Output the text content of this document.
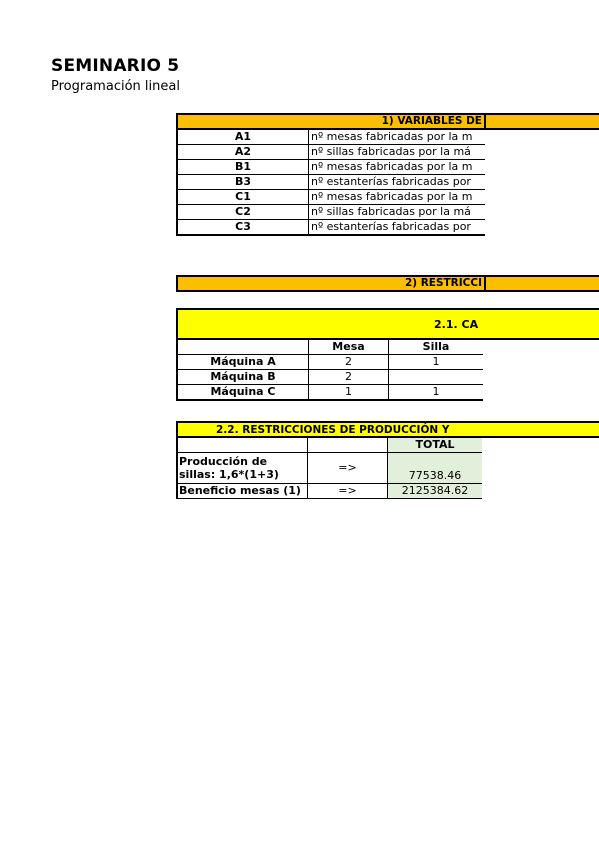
SEMINARIO 5
Programación lineal
1) VARIABLES DE
A1	nº mesas fabricadas por la m
A2	nº sillas fabricadas por la má
B1	nº mesas fabricadas por la m
B3	nº estanterías fabricadas por
C1	nº mesas fabricadas por la m
C2	nº sillas fabricadas por la má
C3	nº estanterías fabricadas por
2) RESTRICCI
2.1. CA
	Mesa	Silla
Máquina A	2	1
Máquina B	2	
Máquina C	1	1
2.2. RESTRICCIONES DE PRODUCCIÓN Y
		TOTAL

Producción de
sillas: 1,6*(1+3)	=>	77538.46
Beneficio mesas (1)	=>	2125384.62
